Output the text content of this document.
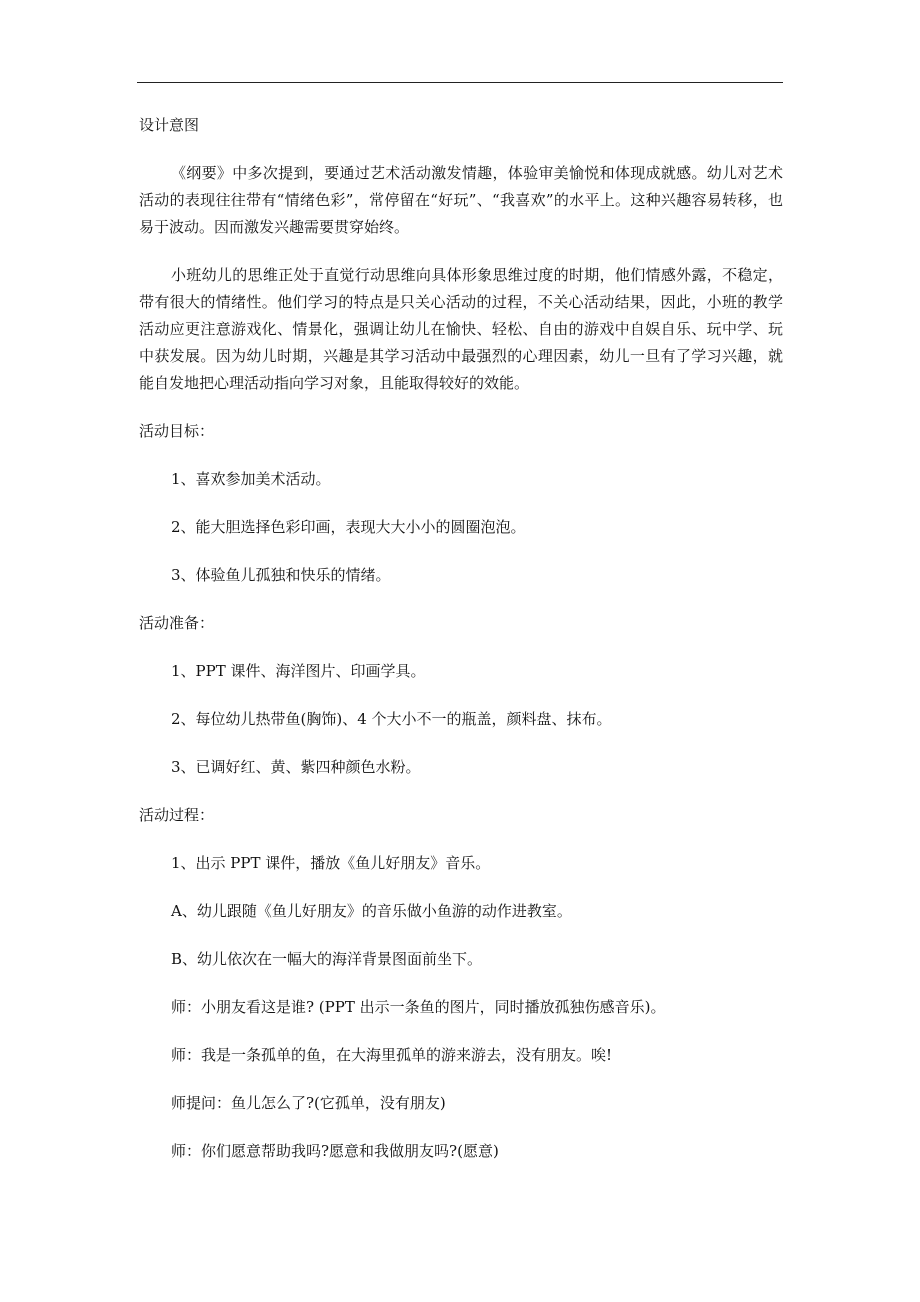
设计意图

《纲要》中多次提到，要通过艺术活动激发情趣，体验审美愉悦和体现成就感。幼儿对艺术活动的表现往往带有“情绪色彩”，常停留在“好玩”、“我喜欢”的水平上。这种兴趣容易转移，也易于波动。因而激发兴趣需要贯穿始终。

小班幼儿的思维正处于直觉行动思维向具体形象思维过度的时期，他们情感外露，不稳定，带有很大的情绪性。他们学习的特点是只关心活动的过程，不关心活动结果，因此，小班的教学活动应更注意游戏化、情景化，强调让幼儿在愉快、轻松、自由的游戏中自娱自乐、玩中学、玩中获发展。因为幼儿时期，兴趣是其学习活动中最强烈的心理因素，幼儿一旦有了学习兴趣，就能自发地把心理活动指向学习对象，且能取得较好的效能。

活动目标：

1、喜欢参加美术活动。

2、能大胆选择色彩印画，表现大大小小的圆圈泡泡。

3、体验鱼儿孤独和快乐的情绪。

活动准备：

1、PPT 课件、海洋图片、印画学具。

2、每位幼儿热带鱼(胸饰)、4 个大小不一的瓶盖，颜料盘、抹布。

3、已调好红、黄、紫四种颜色水粉。

活动过程：

1、出示 PPT 课件，播放《鱼儿好朋友》音乐。

A、幼儿跟随《鱼儿好朋友》的音乐做小鱼游的动作进教室。

B、幼儿依次在一幅大的海洋背景图面前坐下。

师：小朋友看这是谁? (PPT 出示一条鱼的图片，同时播放孤独伤感音乐)。

师：我是一条孤单的鱼，在大海里孤单的游来游去，没有朋友。唉!

师提问：鱼儿怎么了?(它孤单，没有朋友)

师：你们愿意帮助我吗?愿意和我做朋友吗?(愿意)
